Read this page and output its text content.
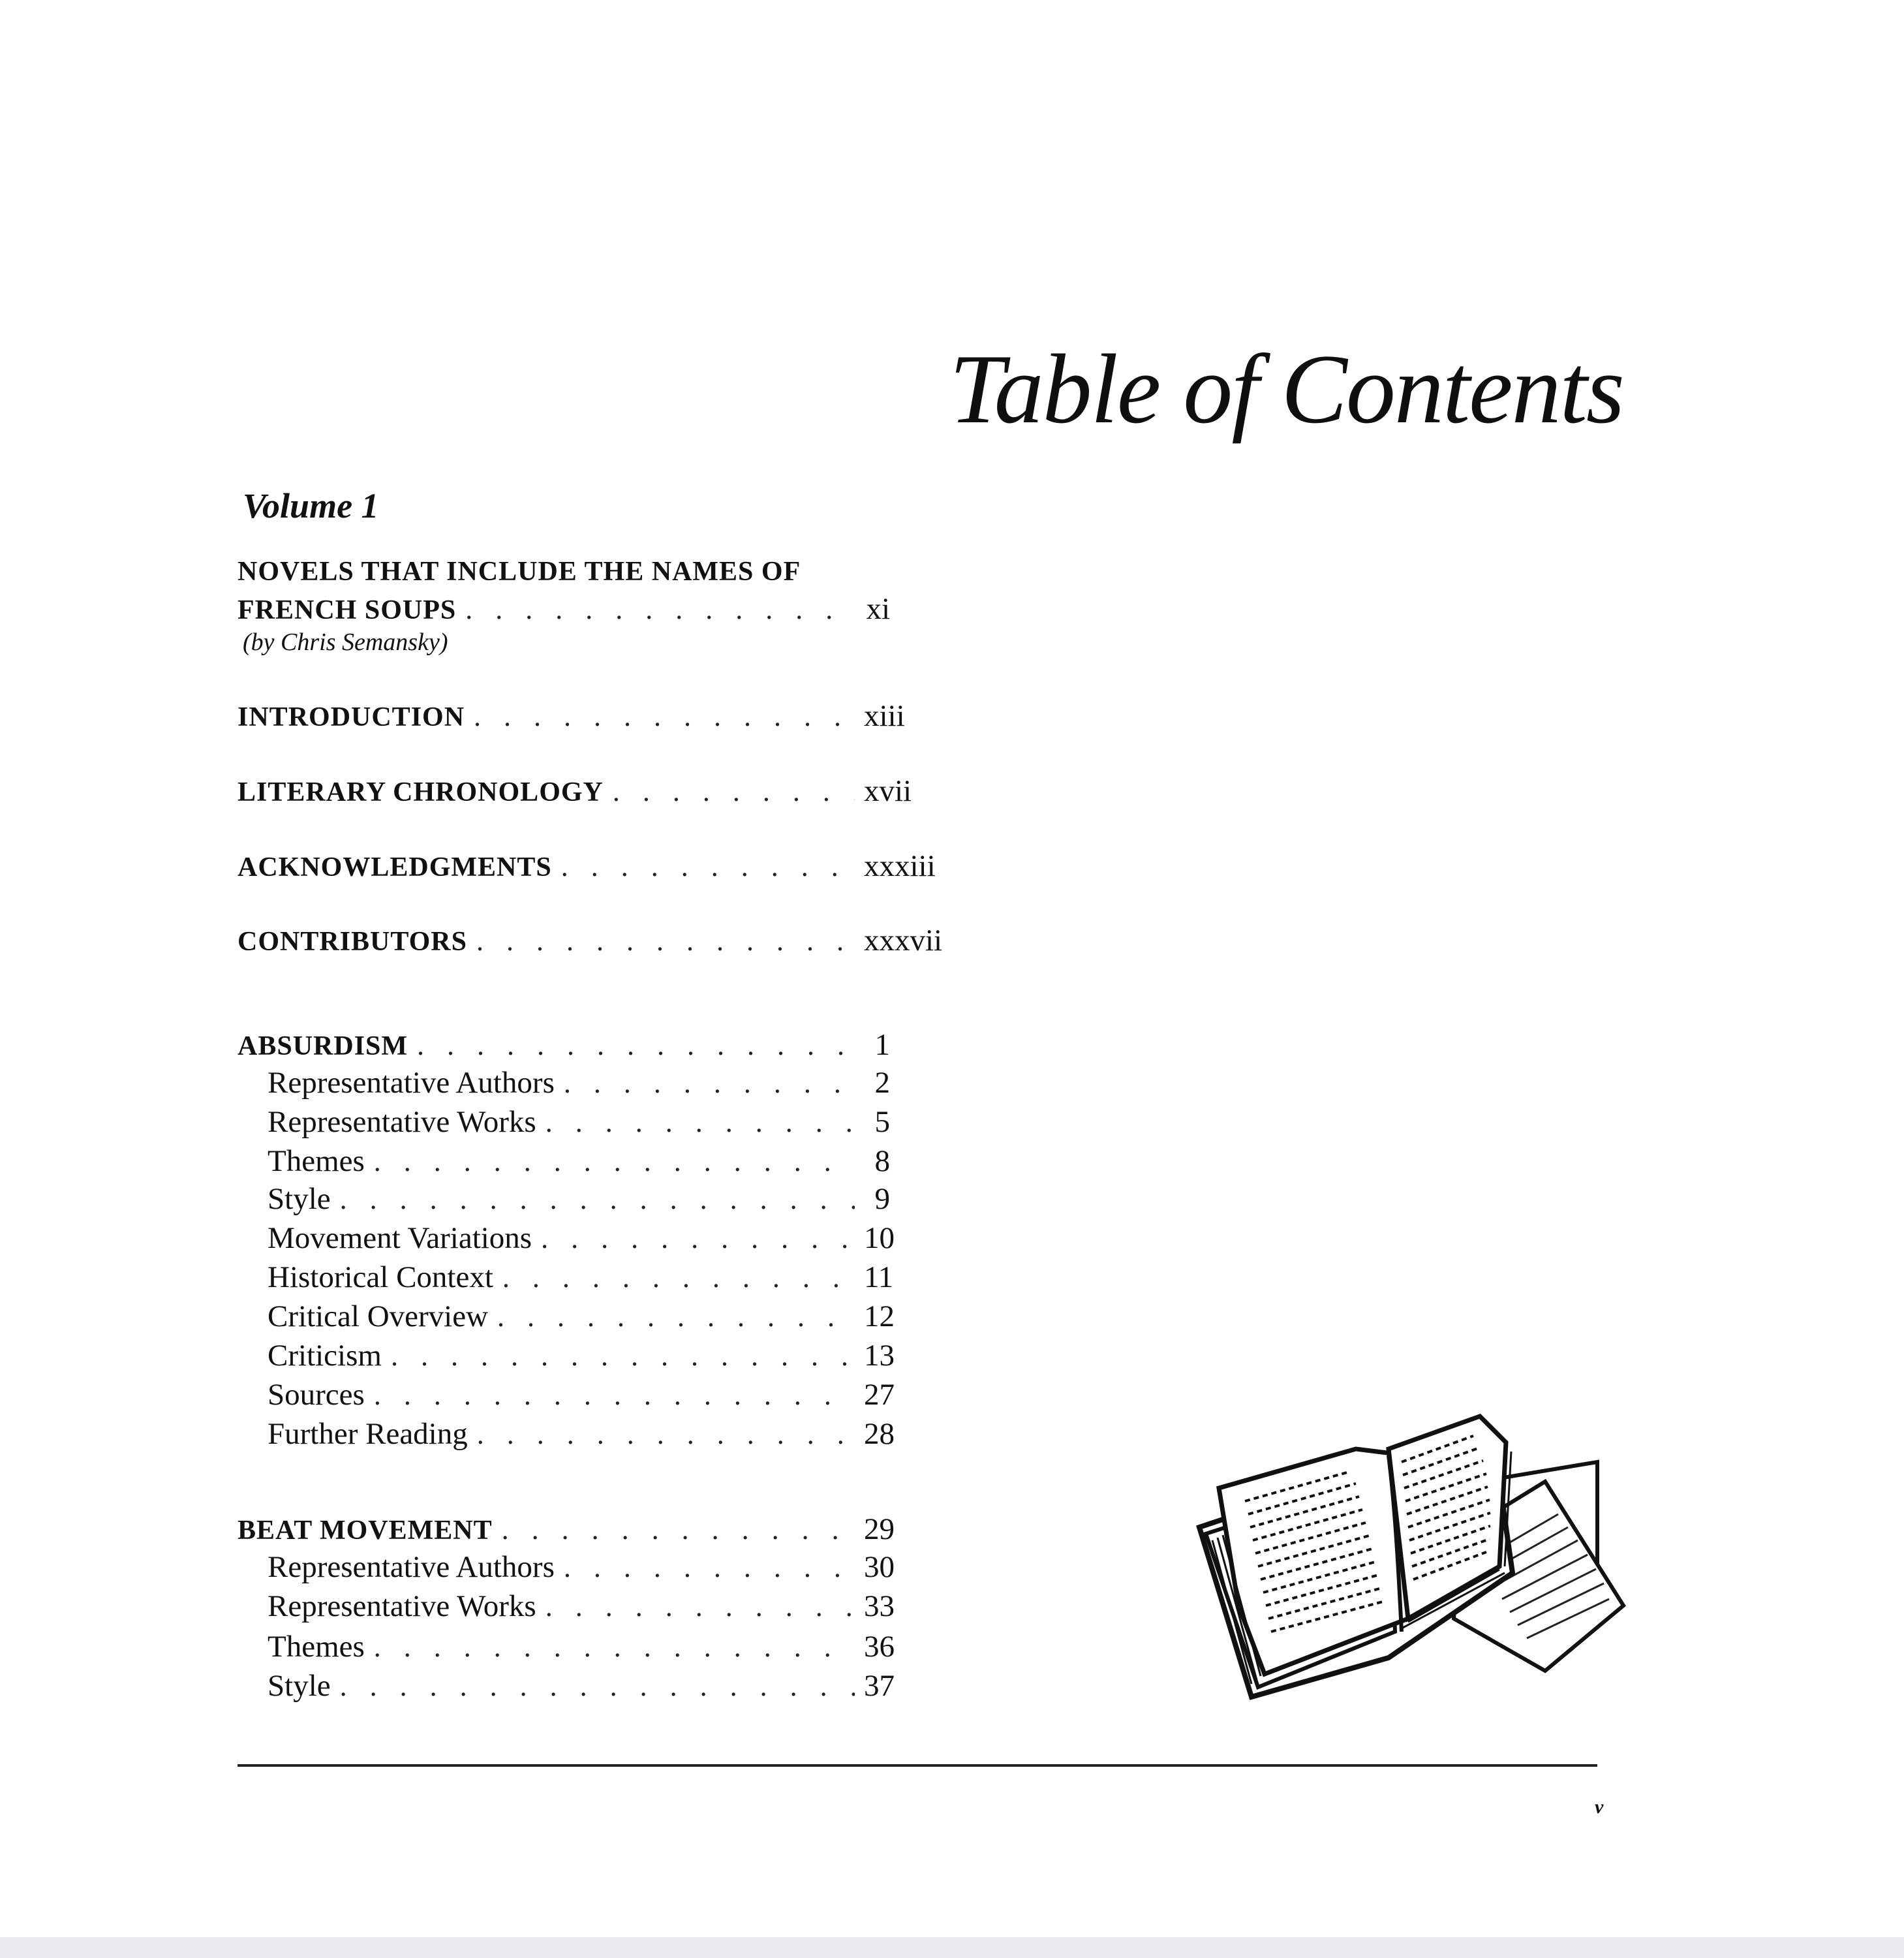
Table of Contents
Volume 1
NOVELS THAT INCLUDE THE NAMES OF
FRENCH SOUPS . . .	xi
(by Chris Semansky)
INTRODUCTION . . .	xiii
LITERARY CHRONOLOGY . . .	xvii
ACKNOWLEDGMENTS . . .	xxxiii
CONTRIBUTORS . . .	xxxvii
ABSURDISM . . .	1
Representative Authors . . .	2
Representative Works . . .	5
Themes . . .	8
Style . . .	9
Movement Variations . . .	10
Historical Context . . .	11
Critical Overview . . .	12
Criticism . . .	13
Sources . . .	27
Further Reading . . .	28
BEAT MOVEMENT . . .	29
Representative Authors . . .	30
Representative Works . . .	33
Themes . . .	36
Style . . .	37
v
